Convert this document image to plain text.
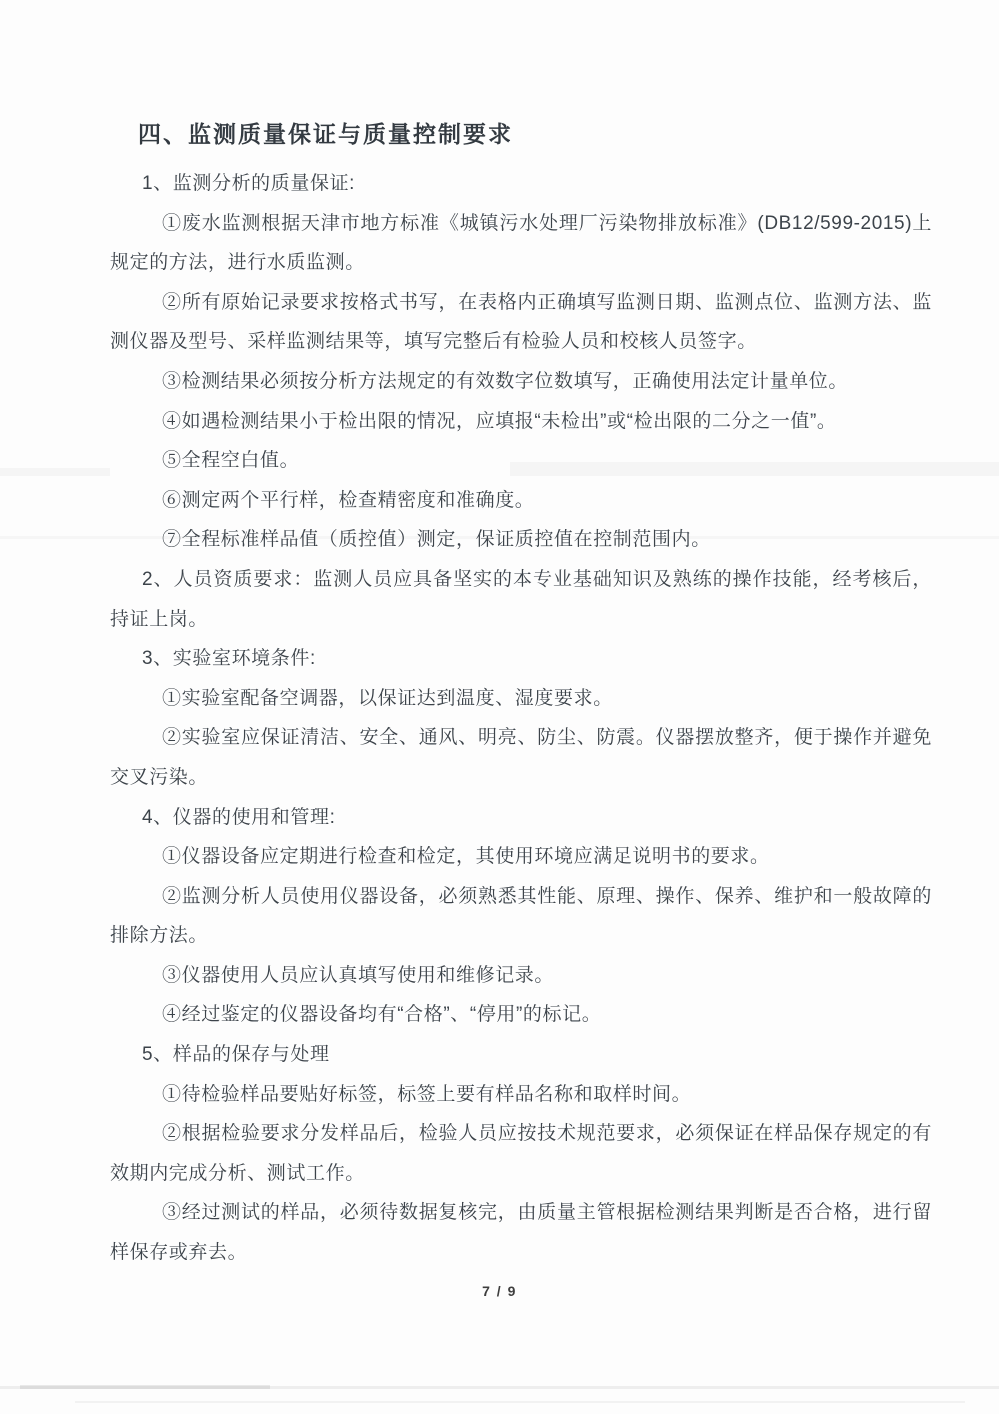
四、监测质量保证与质量控制要求

1、监测分析的质量保证:

①废水监测根据天津市地方标准《城镇污水处理厂污染物排放标准》(DB12/599-2015)上规定的方法，进行水质监测。

②所有原始记录要求按格式书写，在表格内正确填写监测日期、监测点位、监测方法、监测仪器及型号、采样监测结果等，填写完整后有检验人员和校核人员签字。

③检测结果必须按分析方法规定的有效数字位数填写，正确使用法定计量单位。

④如遇检测结果小于检出限的情况，应填报“未检出”或“检出限的二分之一值”。

⑤全程空白值。

⑥测定两个平行样，检查精密度和准确度。

⑦全程标准样品值（质控值）测定，保证质控值在控制范围内。

2、人员资质要求：监测人员应具备坚实的本专业基础知识及熟练的操作技能，经考核后，持证上岗。

3、实验室环境条件:

①实验室配备空调器，以保证达到温度、湿度要求。

②实验室应保证清洁、安全、通风、明亮、防尘、防震。仪器摆放整齐，便于操作并避免交叉污染。

4、仪器的使用和管理:

①仪器设备应定期进行检查和检定，其使用环境应满足说明书的要求。

②监测分析人员使用仪器设备，必须熟悉其性能、原理、操作、保养、维护和一般故障的排除方法。

③仪器使用人员应认真填写使用和维修记录。

④经过鉴定的仪器设备均有“合格”、“停用”的标记。

5、样品的保存与处理

①待检验样品要贴好标签，标签上要有样品名称和取样时间。

②根据检验要求分发样品后，检验人员应按技术规范要求，必须保证在样品保存规定的有效期内完成分析、测试工作。

③经过测试的样品，必须待数据复核完，由质量主管根据检测结果判断是否合格，进行留样保存或弃去。

7 / 9
